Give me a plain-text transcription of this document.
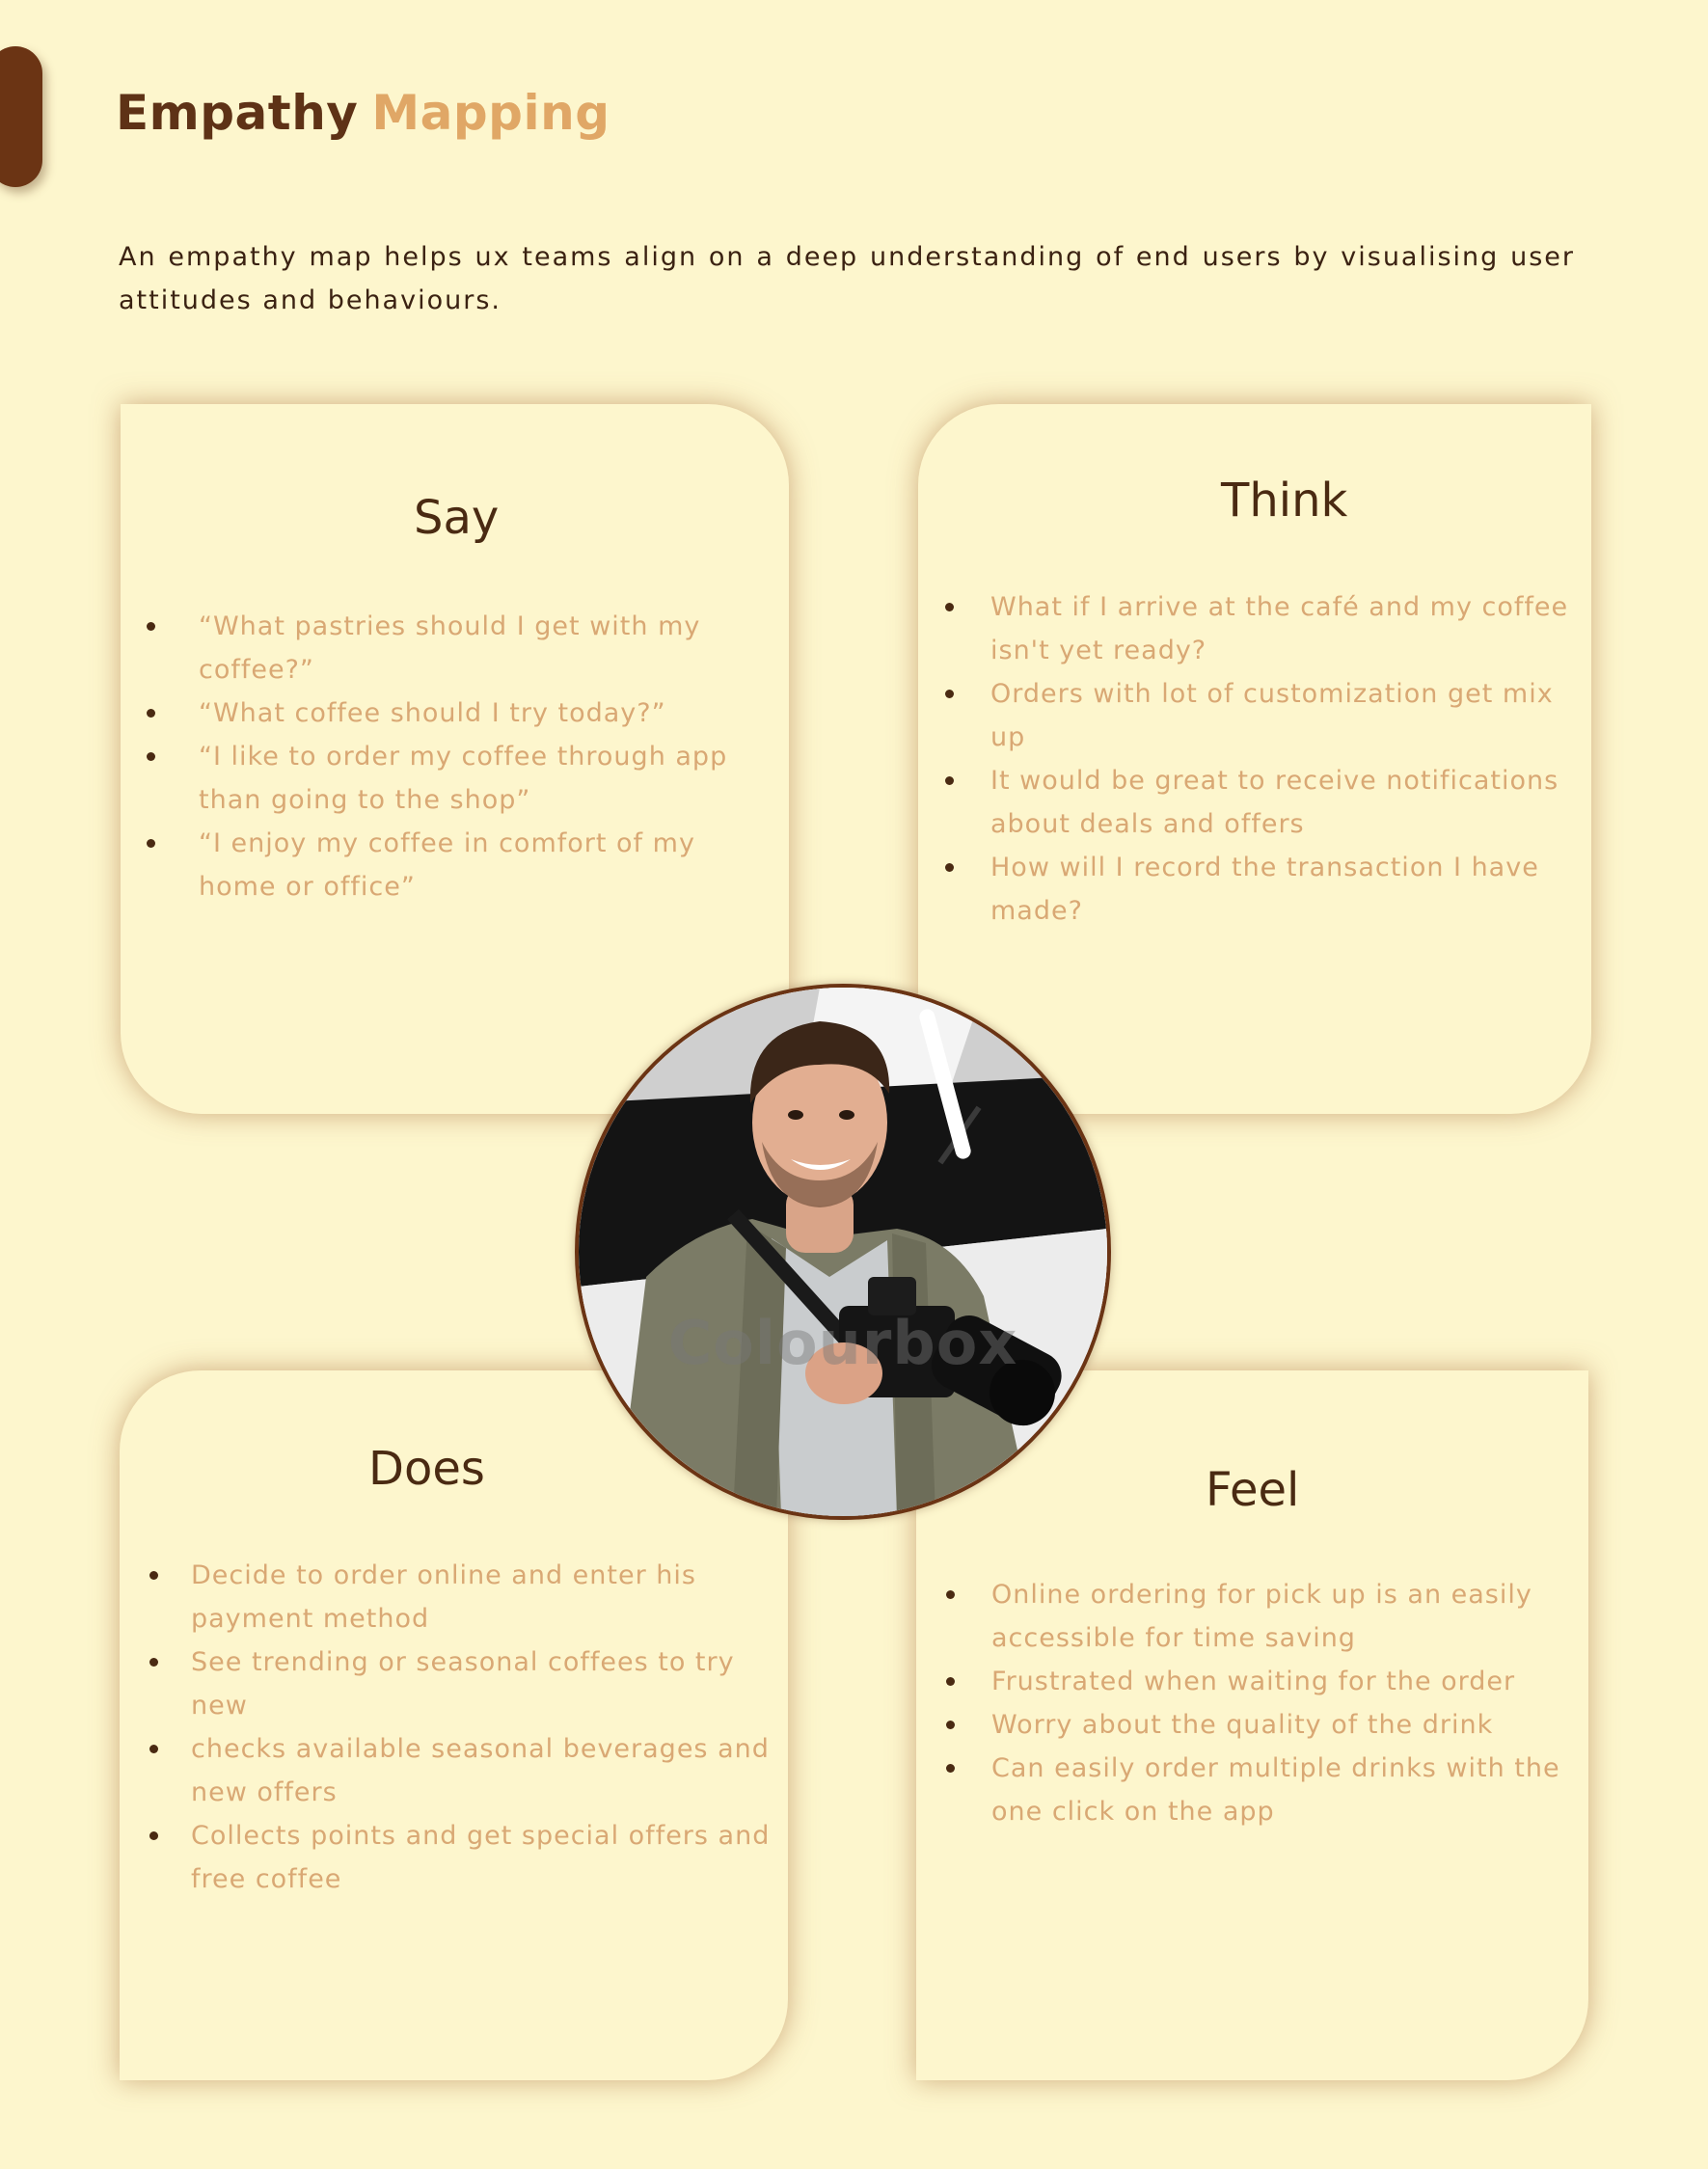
Empathy Mapping

An empathy map helps ux teams align on a deep understanding of end users by visualising user attitudes and behaviours.

Say
“What pastries should I get with my coffee?”
“What coffee should I try today?”
“I like to order my coffee through app than going to the shop”
“I enjoy my coffee in comfort of my home or office”
Think
What if I arrive at the café and my coffee isn't yet ready?
Orders with lot of customization get mix up
It would be great to receive notifications about deals and offers
How will I record the transaction I have made?
Does
Decide to order online and enter his payment method
See trending or seasonal coffees to try new
checks available seasonal beverages and new offers
Collects points and get special offers and free coffee
Feel
Online ordering for pick up is an easily accessible for time saving
Frustrated when waiting for the order
Worry about the quality of the drink
Can easily order multiple drinks with the one click on the app
Colourbox
